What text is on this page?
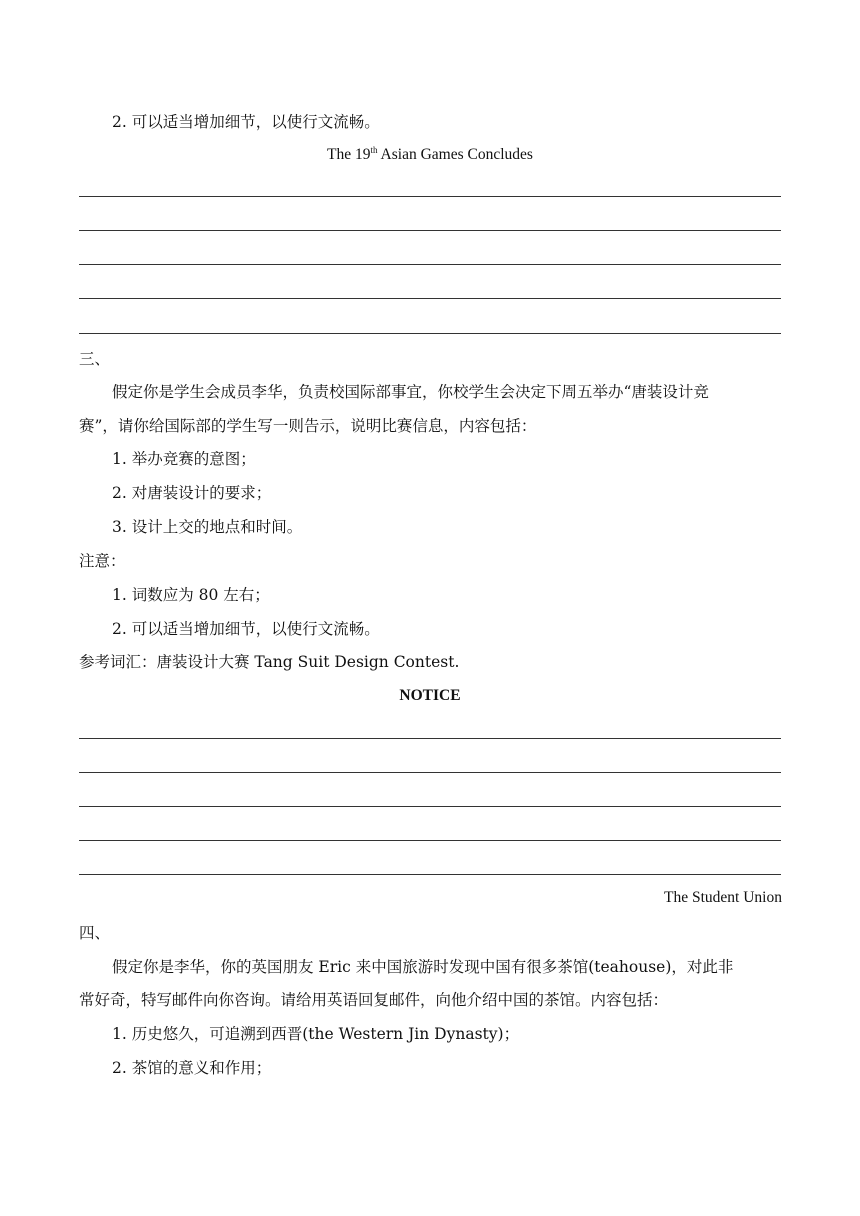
2. 可以适当增加细节，以使行文流畅。
The 19th Asian Games Concludes
三、
假定你是学生会成员李华，负责校国际部事宜，你校学生会决定下周五举办“唐装设计竞
赛”，请你给国际部的学生写一则告示，说明比赛信息，内容包括：
1. 举办竞赛的意图；
2. 对唐装设计的要求；
3. 设计上交的地点和时间。
注意：
1. 词数应为 80 左右；
2. 可以适当增加细节，以使行文流畅。
参考词汇：唐装设计大赛 Tang Suit Design Contest.
NOTICE
The Student Union
四、
假定你是李华，你的英国朋友 Eric 来中国旅游时发现中国有很多茶馆(teahouse)，对此非
常好奇，特写邮件向你咨询。请给用英语回复邮件，向他介绍中国的茶馆。内容包括：
1. 历史悠久，可追溯到西晋(the Western Jin Dynasty)；
2. 茶馆的意义和作用；
